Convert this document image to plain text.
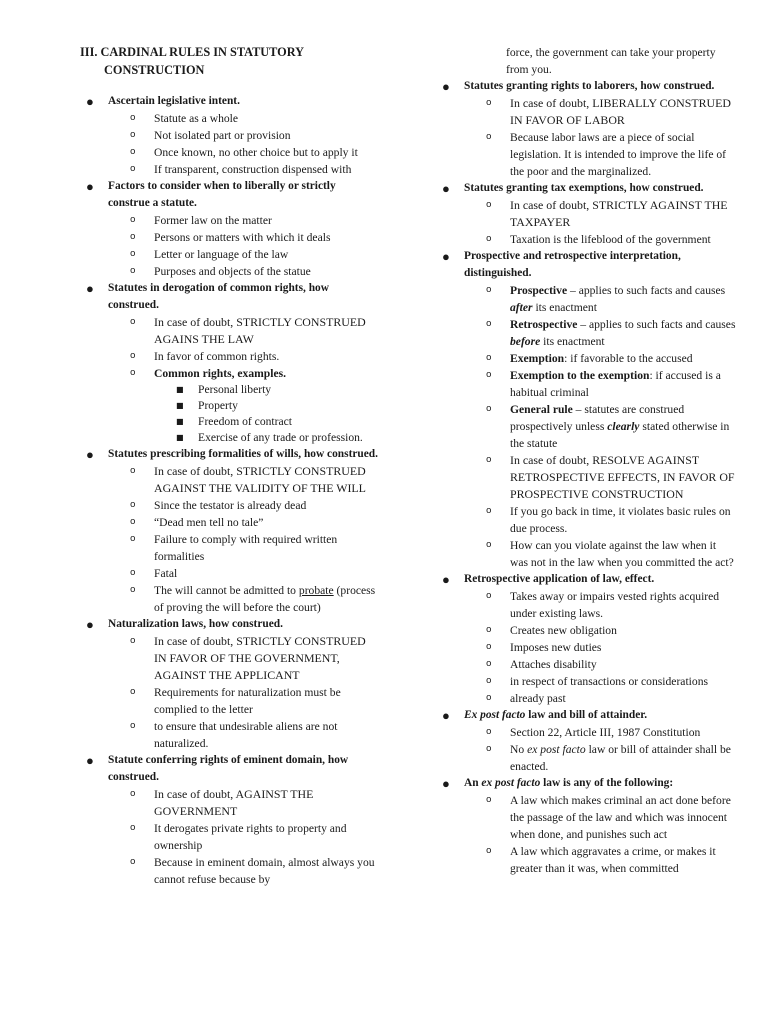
III. CARDINAL RULES IN STATUTORY
CONSTRUCTION
● Ascertain legislative intent.
o Statute as a whole
o Not isolated part or provision
o Once known, no other choice but to apply it
o If transparent, construction dispensed with
● Factors to consider when to liberally or strictly construe a statute.
o Former law on the matter
o Persons or matters with which it deals
o Letter or language of the law
o Purposes and objects of the statue
● Statutes in derogation of common rights, how construed.
o In case of doubt, STRICTLY CONSTRUED AGAINS THE LAW
o In favor of common rights.
o Common rights, examples.
■ Personal liberty
■ Property
■ Freedom of contract
■ Exercise of any trade or profession.
● Statutes prescribing formalities of wills, how construed.
o In case of doubt, STRICTLY CONSTRUED AGAINST THE VALIDITY OF THE WILL
o Since the testator is already dead
o “Dead men tell no tale”
o Failure to comply with required written formalities
o Fatal
o The will cannot be admitted to probate (process of proving the will before the court)
● Naturalization laws, how construed.
o In case of doubt, STRICTLY CONSTRUED IN FAVOR OF THE GOVERNMENT, AGAINST THE APPLICANT
o Requirements for naturalization must be complied to the letter
o to ensure that undesirable aliens are not naturalized.
● Statute conferring rights of eminent domain, how construed.
o In case of doubt, AGAINST THE GOVERNMENT
o It derogates private rights to property and ownership
o Because in eminent domain, almost always you cannot refuse because by
force, the government can take your property from you.
● Statutes granting rights to laborers, how construed.
o In case of doubt, LIBERALLY CONSTRUED IN FAVOR OF LABOR
o Because labor laws are a piece of social legislation. It is intended to improve the life of the poor and the marginalized.
● Statutes granting tax exemptions, how construed.
o In case of doubt, STRICTLY AGAINST THE TAXPAYER
o Taxation is the lifeblood of the government
● Prospective and retrospective interpretation, distinguished.
o Prospective – applies to such facts and causes after its enactment
o Retrospective – applies to such facts and causes before its enactment
o Exemption: if favorable to the accused
o Exemption to the exemption: if accused is a habitual criminal
o General rule – statutes are construed prospectively unless clearly stated otherwise in the statute
o In case of doubt, RESOLVE AGAINST RETROSPECTIVE EFFECTS, IN FAVOR OF PROSPECTIVE CONSTRUCTION
o If you go back in time, it violates basic rules on due process.
o How can you violate against the law when it was not in the law when you committed the act?
● Retrospective application of law, effect.
o Takes away or impairs vested rights acquired under existing laws.
o Creates new obligation
o Imposes new duties
o Attaches disability
o in respect of transactions or considerations
o already past
● Ex post facto law and bill of attainder.
o Section 22, Article III, 1987 Constitution
o No ex post facto law or bill of attainder shall be enacted.
● An ex post facto law is any of the following:
o A law which makes criminal an act done before the passage of the law and which was innocent when done, and punishes such act
o A law which aggravates a crime, or makes it greater than it was, when committed
